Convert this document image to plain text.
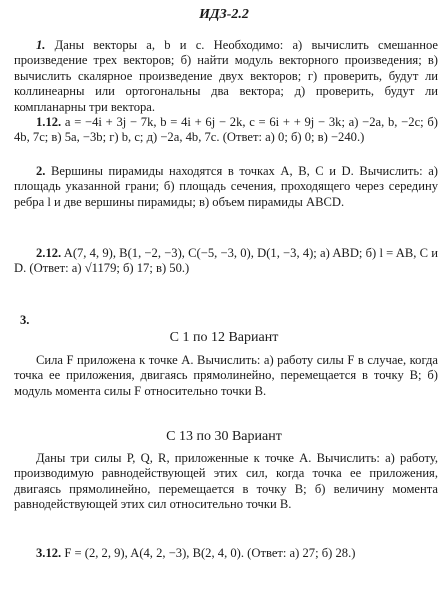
ИДЗ-2.2
1. Даны векторы a, b и c. Необходимо: а) вычислить смешанное произведение трех векторов; б) найти модуль векторного произведения; в) вычислить скалярное произведение двух векторов; г) проверить, будут ли коллинеарны или ортогональны два вектора; д) проверить, будут ли компланарны три вектора.
1.12. a = −4i + 3j − 7k, b = 4i + 6j − 2k, c = 6i + + 9j − 3k; а) −2a, b, −2c; б) 4b, 7c; в) 5a, −3b; г) b, c; д) −2a, 4b, 7c. (Ответ: а) 0; б) 0; в) −240.)
2. Вершины пирамиды находятся в точках A, B, C и D. Вычислить: а) площадь указанной грани; б) площадь сечения, проходящего через середину ребра l и две вершины пирамиды; в) объем пирамиды ABCD.
2.12. A(7, 4, 9), B(1, −2, −3), C(−5, −3, 0), D(1, −3, 4); а) ABD; б) l = AB, C и D. (Ответ: а) √1179; б) 17; в) 50.)
3.
С 1 по 12 Вариант
Сила F приложена к точке A. Вычислить: а) работу силы F в случае, когда точка ее приложения, двигаясь прямолинейно, перемещается в точку B; б) модуль момента силы F относительно точки B.
С 13 по 30 Вариант
Даны три силы P, Q, R, приложенные к точке A. Вычислить: а) работу, производимую равнодействующей этих сил, когда точка ее приложения, двигаясь прямолинейно, перемещается в точку B; б) величину момента равнодействующей этих сил относительно точки B.
3.12. F = (2, 2, 9), A(4, 2, −3), B(2, 4, 0). (Ответ: а) 27; б) 28.)
